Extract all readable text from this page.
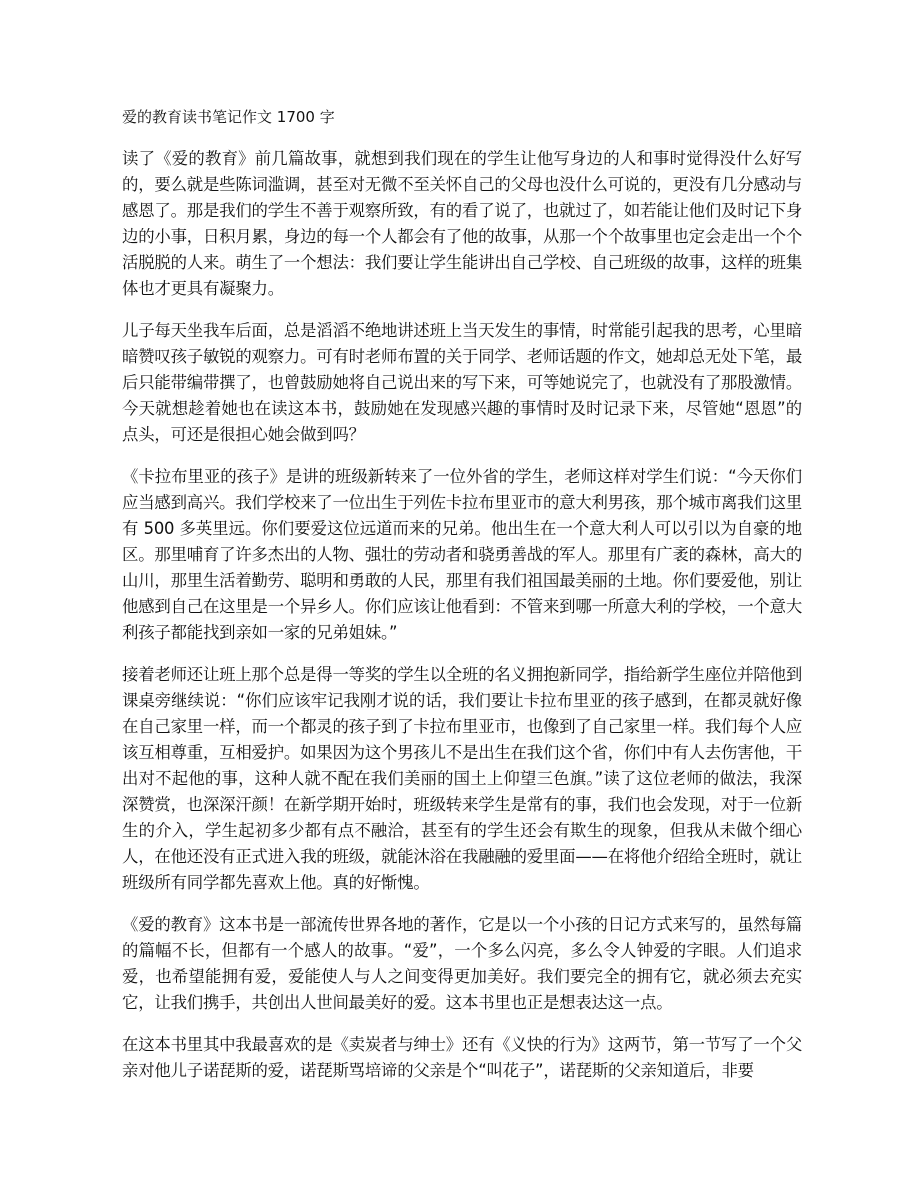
爱的教育读书笔记作文 1700 字

读了《爱的教育》前几篇故事，就想到我们现在的学生让他写身边的人和事时觉得没什么好写的，要么就是些陈词滥调，甚至对无微不至关怀自己的父母也没什么可说的，更没有几分感动与感恩了。那是我们的学生不善于观察所致，有的看了说了，也就过了，如若能让他们及时记下身边的小事，日积月累，身边的每一个人都会有了他的故事，从那一个个故事里也定会走出一个个活脱脱的人来。萌生了一个想法：我们要让学生能讲出自己学校、自己班级的故事，这样的班集体也才更具有凝聚力。

儿子每天坐我车后面，总是滔滔不绝地讲述班上当天发生的事情，时常能引起我的思考，心里暗暗赞叹孩子敏锐的观察力。可有时老师布置的关于同学、老师话题的作文，她却总无处下笔，最后只能带编带撰了，也曾鼓励她将自己说出来的写下来，可等她说完了，也就没有了那股激情。今天就想趁着她也在读这本书，鼓励她在发现感兴趣的事情时及时记录下来，尽管她“恩恩”的点头，可还是很担心她会做到吗？

《卡拉布里亚的孩子》是讲的班级新转来了一位外省的学生，老师这样对学生们说：“今天你们应当感到高兴。我们学校来了一位出生于列佐卡拉布里亚市的意大利男孩，那个城市离我们这里有 500 多英里远。你们要爱这位远道而来的兄弟。他出生在一个意大利人可以引以为自豪的地区。那里哺育了许多杰出的人物、强壮的劳动者和骁勇善战的军人。那里有广袤的森林，高大的山川，那里生活着勤劳、聪明和勇敢的人民，那里有我们祖国最美丽的土地。你们要爱他，别让他感到自己在这里是一个异乡人。你们应该让他看到：不管来到哪一所意大利的学校，一个意大利孩子都能找到亲如一家的兄弟姐妹。”

接着老师还让班上那个总是得一等奖的学生以全班的名义拥抱新同学，指给新学生座位并陪他到课桌旁继续说：“你们应该牢记我刚才说的话，我们要让卡拉布里亚的孩子感到，在都灵就好像在自己家里一样，而一个都灵的孩子到了卡拉布里亚市，也像到了自己家里一样。我们每个人应该互相尊重，互相爱护。如果因为这个男孩儿不是出生在我们这个省，你们中有人去伤害他，干出对不起他的事，这种人就不配在我们美丽的国土上仰望三色旗。”读了这位老师的做法，我深深赞赏，也深深汗颜！在新学期开始时，班级转来学生是常有的事，我们也会发现，对于一位新生的介入，学生起初多少都有点不融洽，甚至有的学生还会有欺生的现象，但我从未做个细心人，在他还没有正式进入我的班级，就能沐浴在我融融的爱里面——在将他介绍给全班时，就让班级所有同学都先喜欢上他。真的好惭愧。

《爱的教育》这本书是一部流传世界各地的著作，它是以一个小孩的日记方式来写的，虽然每篇的篇幅不长，但都有一个感人的故事。“爱”，一个多么闪亮，多么令人钟爱的字眼。人们追求爱，也希望能拥有爱，爱能使人与人之间变得更加美好。我们要完全的拥有它，就必须去充实它，让我们携手，共创出人世间最美好的爱。这本书里也正是想表达这一点。

在这本书里其中我最喜欢的是《卖炭者与绅士》还有《义快的行为》这两节，第一节写了一个父亲对他儿子诺琵斯的爱，诺琵斯骂培谛的父亲是个“叫花子”，诺琵斯的父亲知道后，非要
